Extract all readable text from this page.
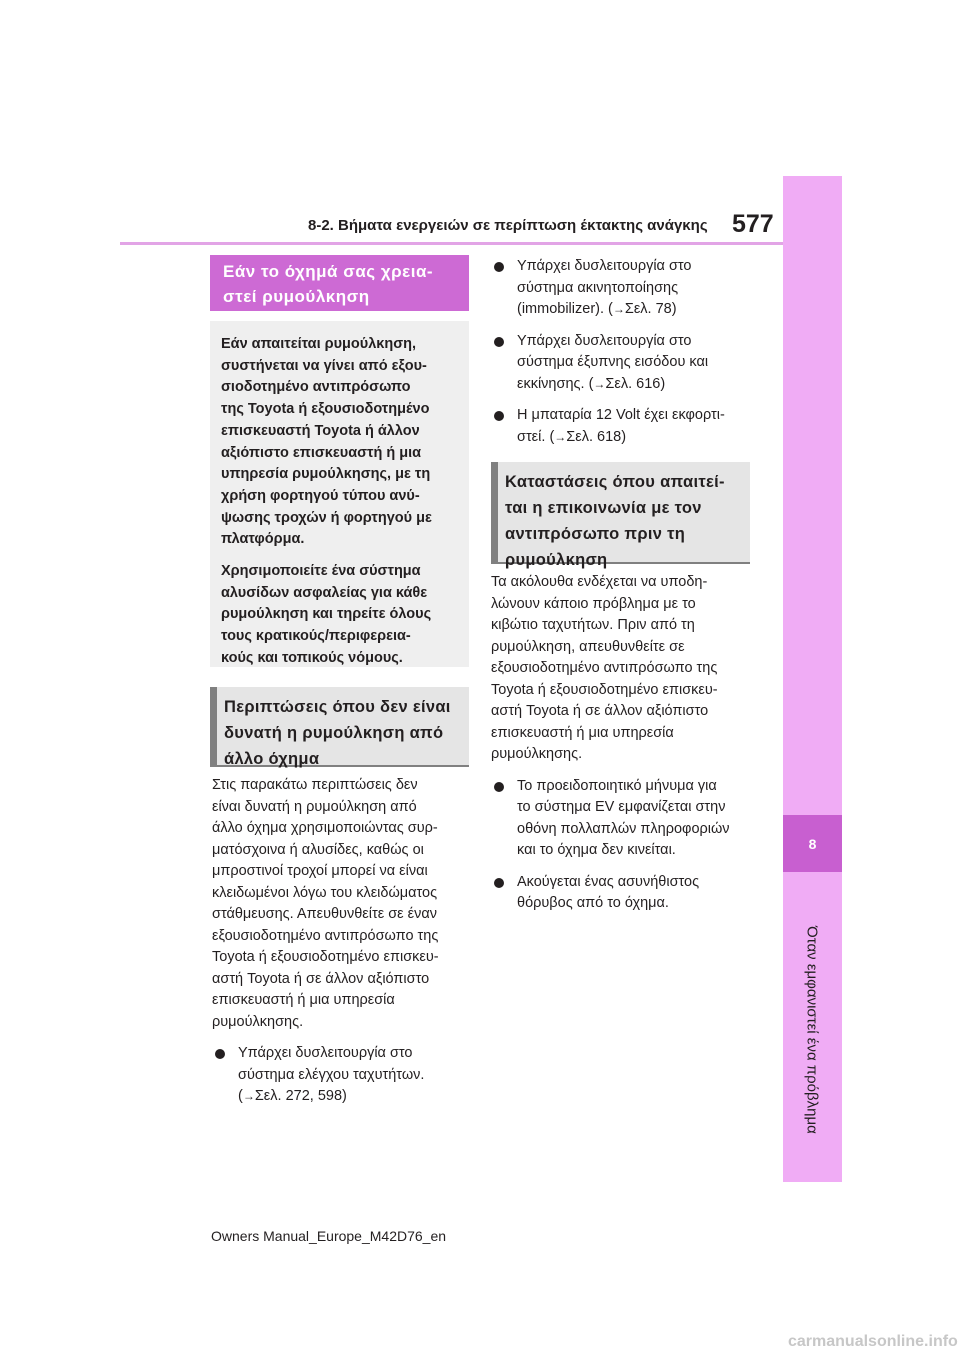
8-2. Βήματα ενεργειών σε περίπτωση έκτακτης ανάγκης 577
8
Όταν εμφανιστεί ένα πρόβλημα
Εάν το όχημά σας χρεια-
στεί ρυμούλκηση

Εάν απαιτείται ρυμούλκηση,
συστήνεται να γίνει από εξου-
σιοδοτημένο αντιπρόσωπο
της Toyota ή εξουσιοδοτημένο
επισκευαστή Toyota ή άλλον
αξιόπιστο επισκευαστή ή μια
υπηρεσία ρυμούλκησης, με τη
χρήση φορτηγού τύπου ανύ-
ψωσης τροχών ή φορτηγού με
πλατφόρμα.

Χρησιμοποιείτε ένα σύστημα
αλυσίδων ασφαλείας για κάθε
ρυμούλκηση και τηρείτε όλους
τους κρατικούς/περιφερεια-
κούς και τοπικούς νόμους.

Περιπτώσεις όπου δεν είναι
δυνατή η ρυμούλκηση από
άλλο όχημα

Στις παρακάτω περιπτώσεις δεν
είναι δυνατή η ρυμούλκηση από
άλλο όχημα χρησιμοποιώντας συρ-
ματόσχοινα ή αλυσίδες, καθώς οι
μπροστινοί τροχοί μπορεί να είναι
κλειδωμένοι λόγω του κλειδώματος
στάθμευσης. Απευθυνθείτε σε έναν
εξουσιοδοτημένο αντιπρόσωπο της
Toyota ή εξουσιοδοτημένο επισκευ-
αστή Toyota ή σε άλλον αξιόπιστο
επισκευαστή ή μια υπηρεσία
ρυμούλκησης.

Υπάρχει δυσλειτουργία στο
σύστημα ελέγχου ταχυτήτων.
(→Σελ. 272, 598)
Υπάρχει δυσλειτουργία στο
σύστημα ακινητοποίησης
(immobilizer). (→Σελ. 78)
Υπάρχει δυσλειτουργία στο
σύστημα έξυπνης εισόδου και
εκκίνησης. (→Σελ. 616)
Η μπαταρία 12 Volt έχει εκφορτι-
στεί. (→Σελ. 618)
Καταστάσεις όπου απαιτεί-
ται η επικοινωνία με τον
αντιπρόσωπο πριν τη
ρυμούλκηση

Τα ακόλουθα ενδέχεται να υποδη-
λώνουν κάποιο πρόβλημα με το
κιβώτιο ταχυτήτων. Πριν από τη
ρυμούλκηση, απευθυνθείτε σε
εξουσιοδοτημένο αντιπρόσωπο της
Toyota ή εξουσιοδοτημένο επισκευ-
αστή Toyota ή σε άλλον αξιόπιστο
επισκευαστή ή μια υπηρεσία
ρυμούλκησης.

Το προειδοποιητικό μήνυμα για
το σύστημα EV εμφανίζεται στην
οθόνη πολλαπλών πληροφοριών
και το όχημα δεν κινείται.
Ακούγεται ένας ασυνήθιστος
θόρυβος από το όχημα.
Owners Manual_Europe_M42D76_en
carmanualsonline.info
